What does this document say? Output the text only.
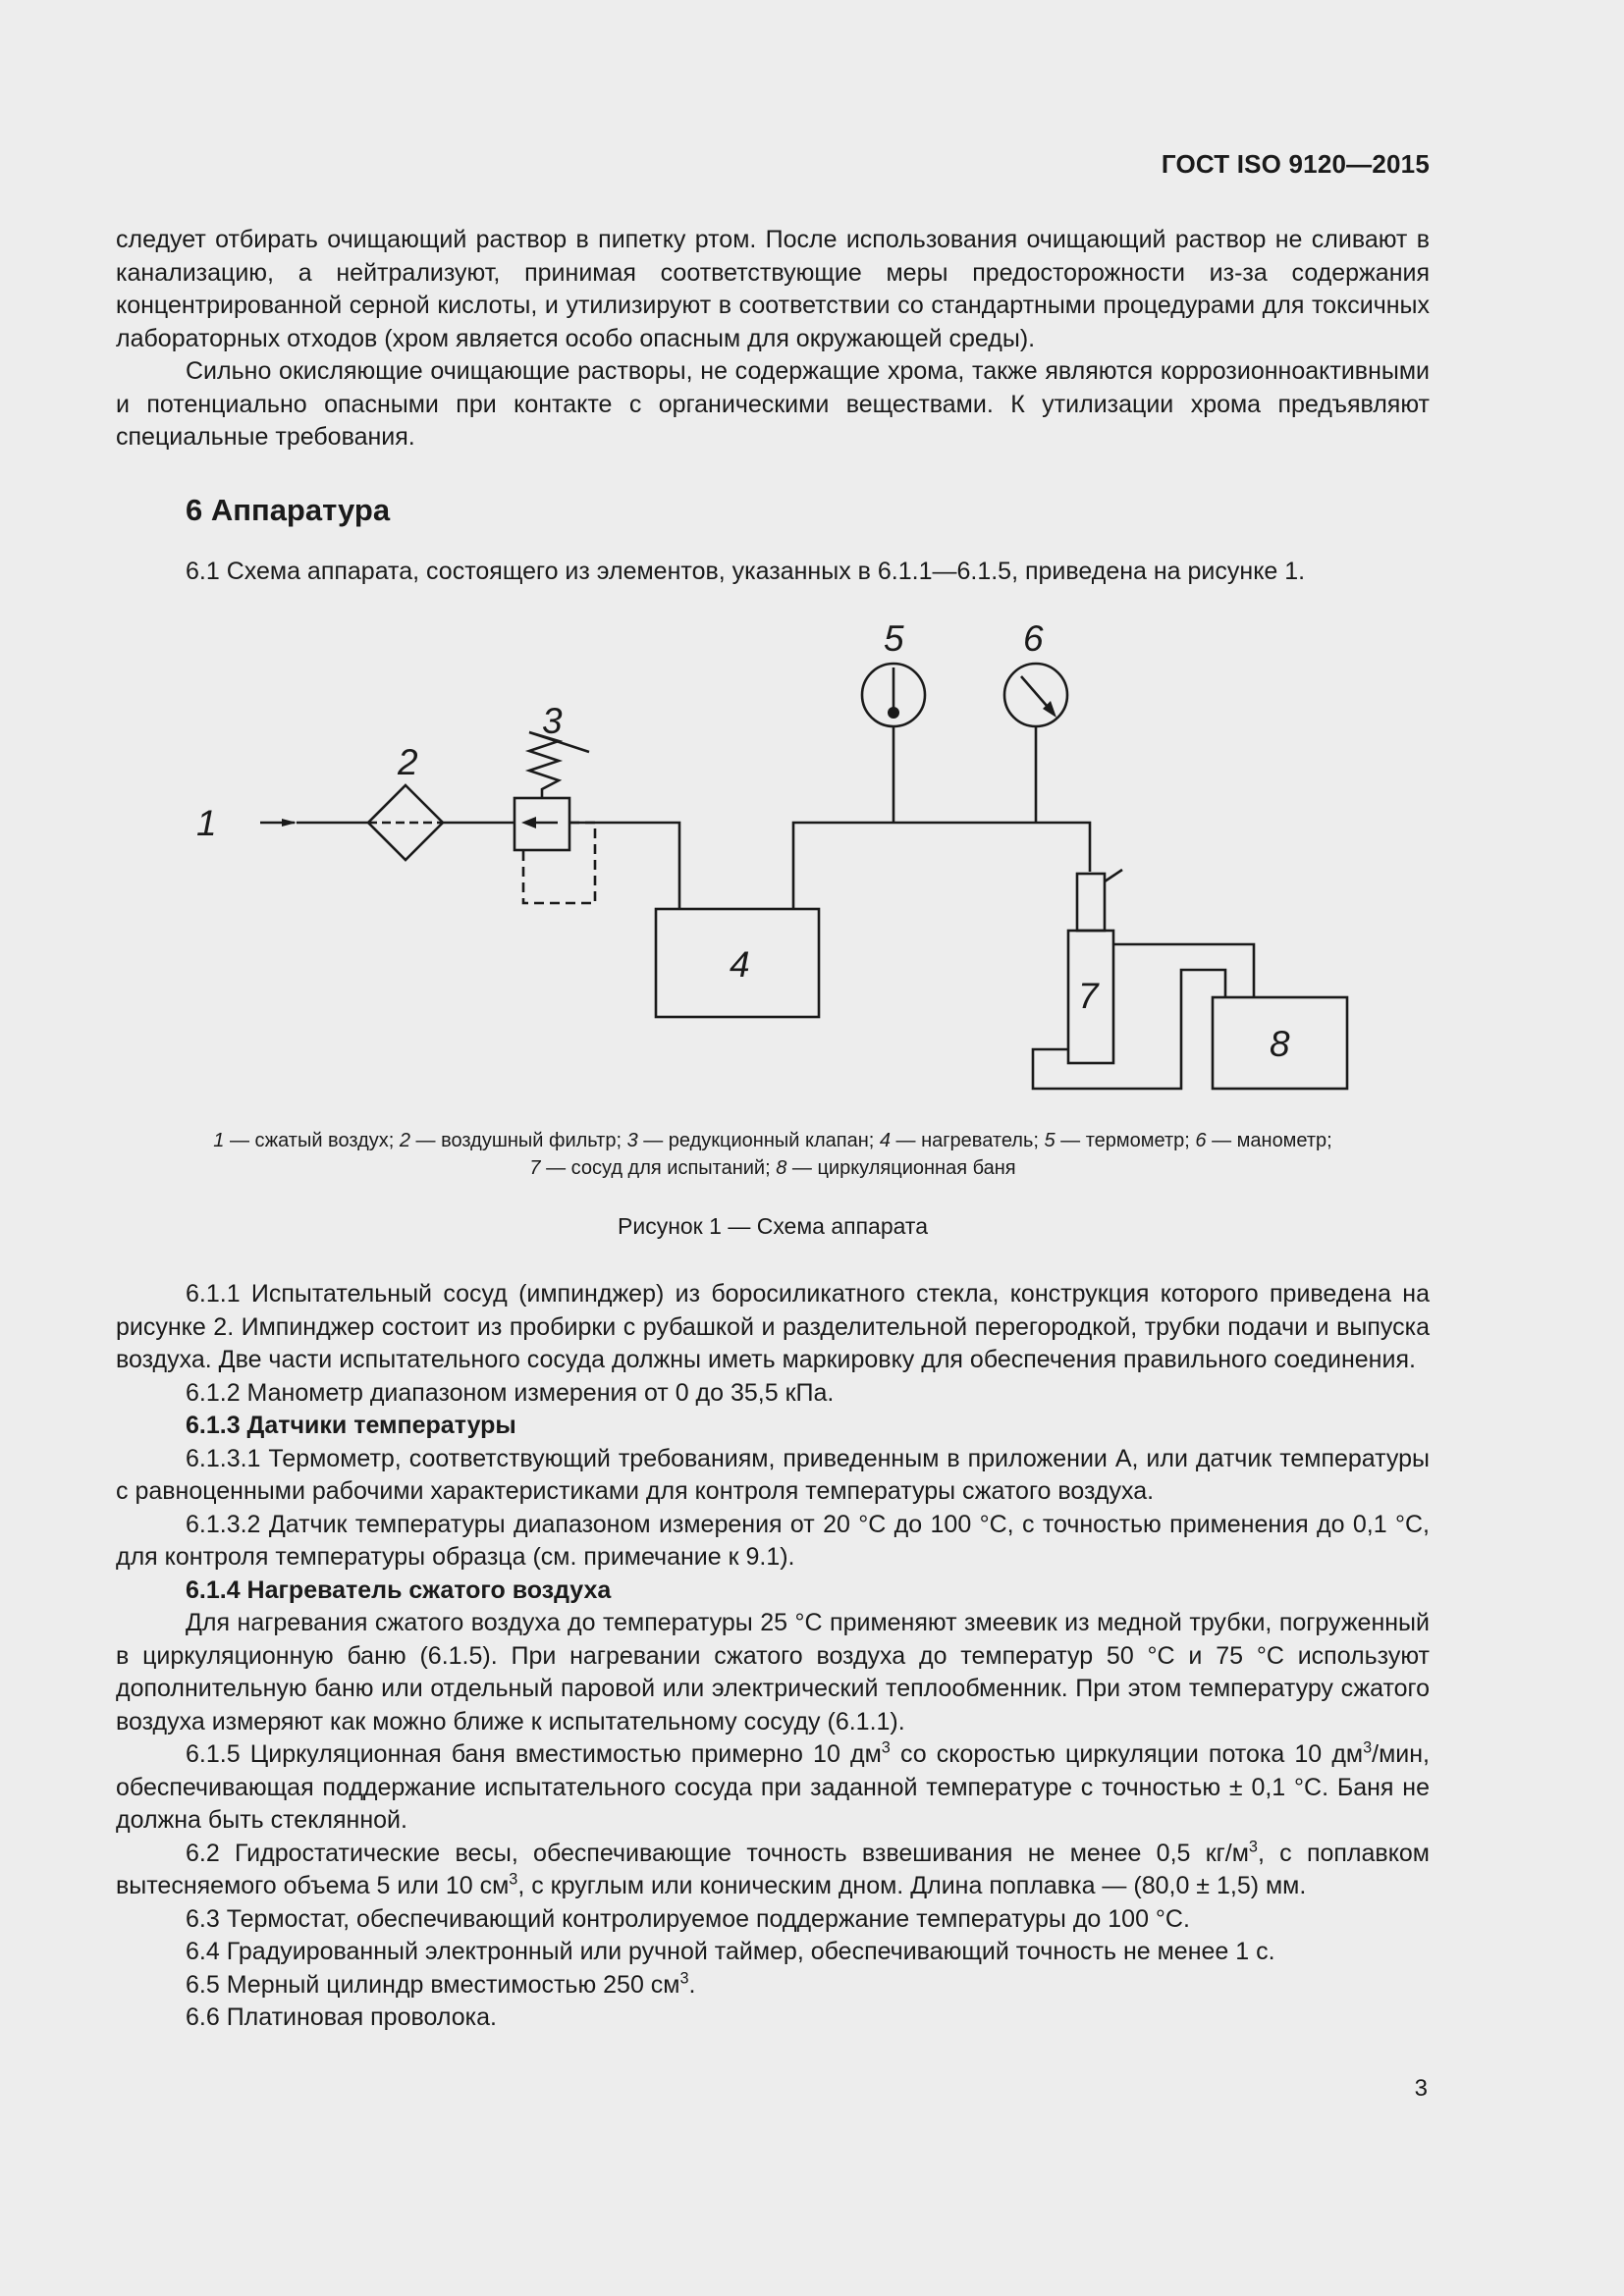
ГОСТ ISO 9120—2015

следует отбирать очищающий раствор в пипетку ртом. После использования очищающий раствор не сливают в канализацию, а нейтрализуют, принимая соответствующие меры предосторожности из-за содержания концентрированной серной кислоты, и утилизируют в соответствии со стандартными процедурами для токсичных лабораторных отходов (хром является особо опасным для окружающей среды).

Сильно окисляющие очищающие растворы, не содержащие хрома, также являются коррозионноактивными и потенциально опасными при контакте с органическими веществами. К утилизации хрома предъявляют специальные требования.

6 Аппаратура

6.1 Схема аппарата, состоящего из элементов, указанных в 6.1.1—6.1.5, приведена на рисунке 1.

1
2
3
4
5	6
7
8
1 — сжатый воздух; 2 — воздушный фильтр; 3 — редукционный клапан; 4 — нагреватель; 5 — термометр; 6 — манометр;
7 — сосуд для испытаний; 8 — циркуляционная баня
Рисунок 1 — Схема аппарата

6.1.1 Испытательный сосуд (импинджер) из боросиликатного стекла, конструкция которого приведена на рисунке 2. Импинджер состоит из пробирки с рубашкой и разделительной перегородкой, трубки подачи и выпуска воздуха. Две части испытательного сосуда должны иметь маркировку для обеспечения правильного соединения.

6.1.2 Манометр диапазоном измерения от 0 до 35,5 кПа.

6.1.3 Датчики температуры

6.1.3.1 Термометр, соответствующий требованиям, приведенным в приложении А, или датчик температуры с равноценными рабочими характеристиками для контроля температуры сжатого воздуха.

6.1.3.2 Датчик температуры диапазоном измерения от 20 °С до 100 °С, с точностью применения до 0,1 °С, для контроля температуры образца (см. примечание к 9.1).

6.1.4 Нагреватель сжатого воздуха

Для нагревания сжатого воздуха до температуры 25 °С применяют змеевик из медной трубки, погруженный в циркуляционную баню (6.1.5). При нагревании сжатого воздуха до температур 50 °С и 75 °С используют дополнительную баню или отдельный паровой или электрический теплообменник. При этом температуру сжатого воздуха измеряют как можно ближе к испытательному сосуду (6.1.1).

6.1.5 Циркуляционная баня вместимостью примерно 10 $дм^3$ со скоростью циркуляции потока 10 $дм^3$/мин, обеспечивающая поддержание испытательного сосуда при заданной температуре с точностью ± 0,1 °С. Баня не должна быть стеклянной.

6.2 Гидростатические весы, обеспечивающие точность взвешивания не менее 0,5 $кг/м^3$, с поплавком вытесняемого объема 5 или 10 $см^3$, с круглым или коническим дном. Длина поплавка — (80,0 ± 1,5) мм.

6.3 Термостат, обеспечивающий контролируемое поддержание температуры до 100 °С.

6.4 Градуированный электронный или ручной таймер, обеспечивающий точность не менее 1 с.

6.5 Мерный цилиндр вместимостью 250 $см^3$.

6.6 Платиновая проволока.

3
